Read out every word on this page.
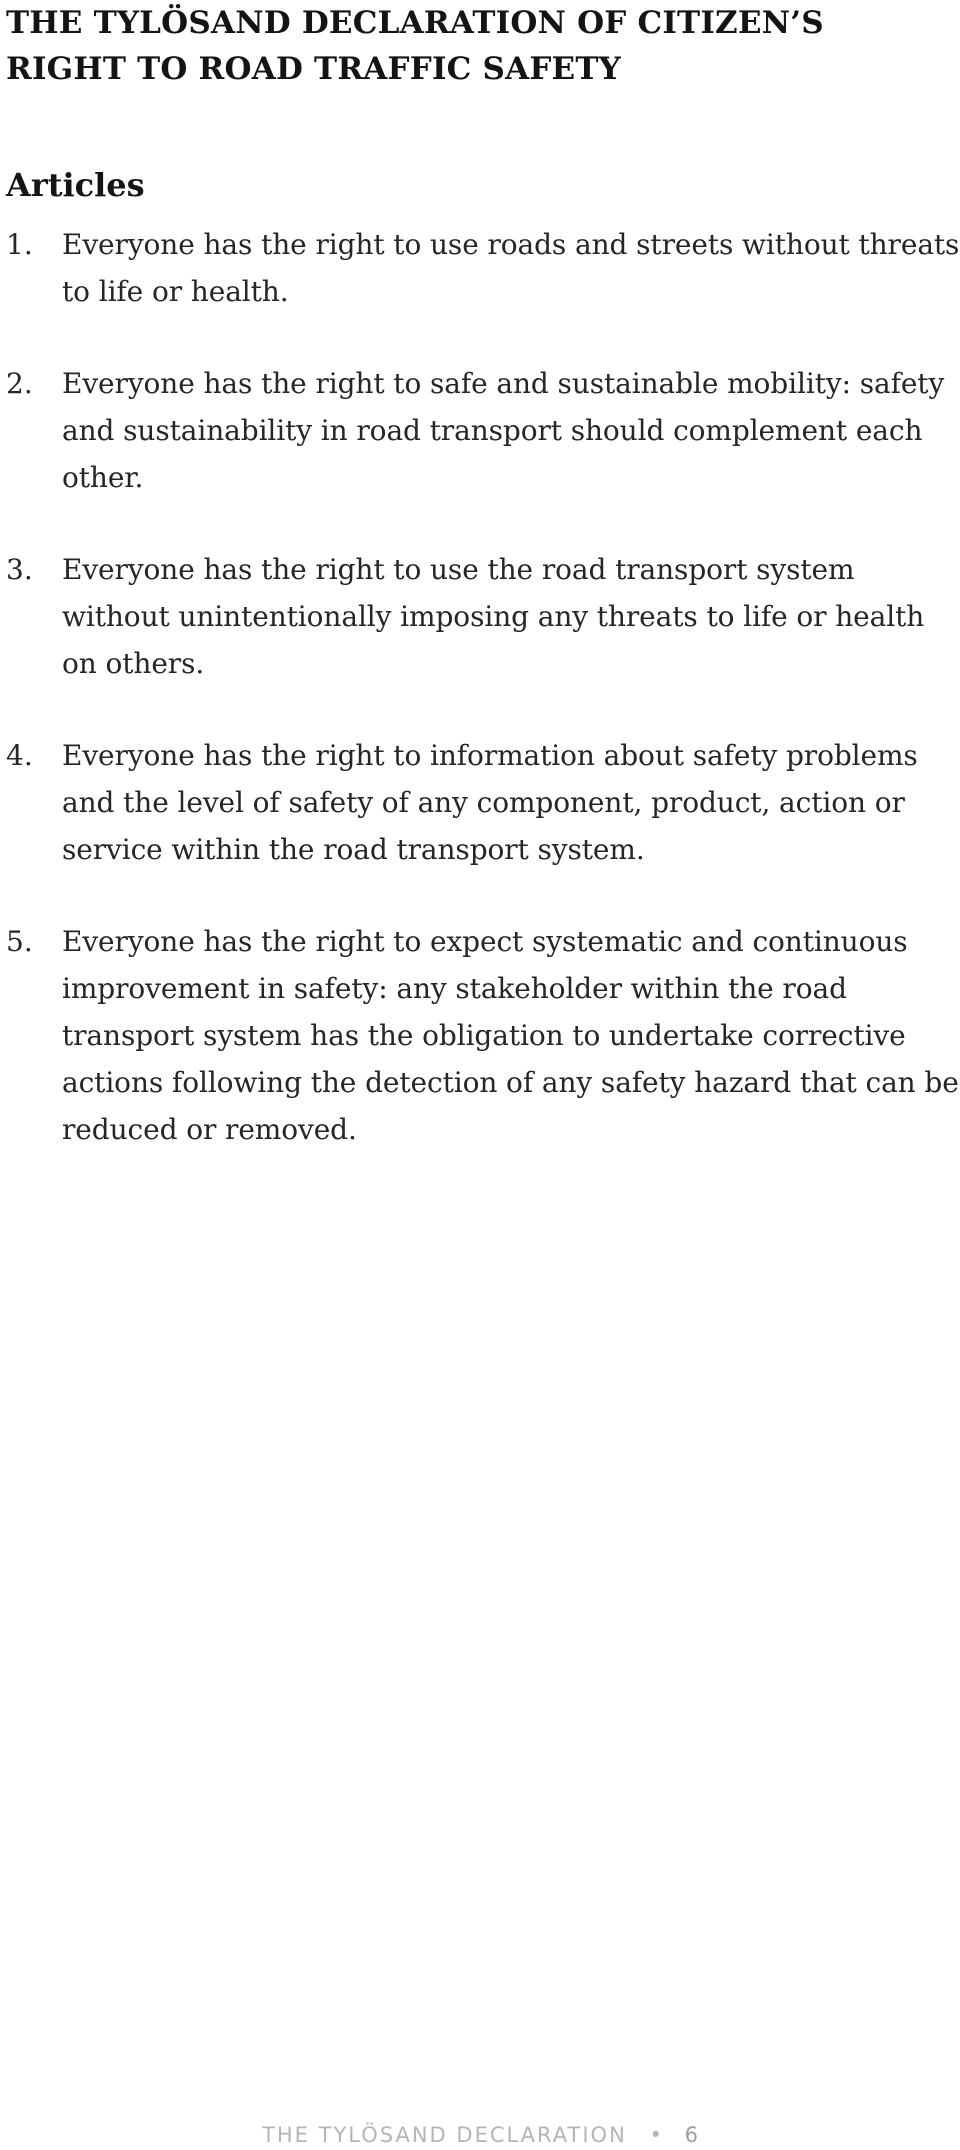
THE TYLÖSAND DECLARATION OF CITIZEN’S RIGHT TO ROAD TRAFFIC SAFETY
Articles
1. Everyone has the right to use roads and streets without threats to life or health.

2. Everyone has the right to safe and sustainable mobility: safety and sustainability in road transport should complement each other.

3. Everyone has the right to use the road transport system without unintentionally imposing any threats to life or health on others.

4. Everyone has the right to information about safety problems and the level of safety of any component, product, action or service within the road transport system.

5. Everyone has the right to expect systematic and continuous improvement in safety: any stakeholder within the road transport system has the obligation to undertake corrective actions following the detection of any safety hazard that can be reduced or removed.

THE TYLÖSAND DECLARATION • 6
